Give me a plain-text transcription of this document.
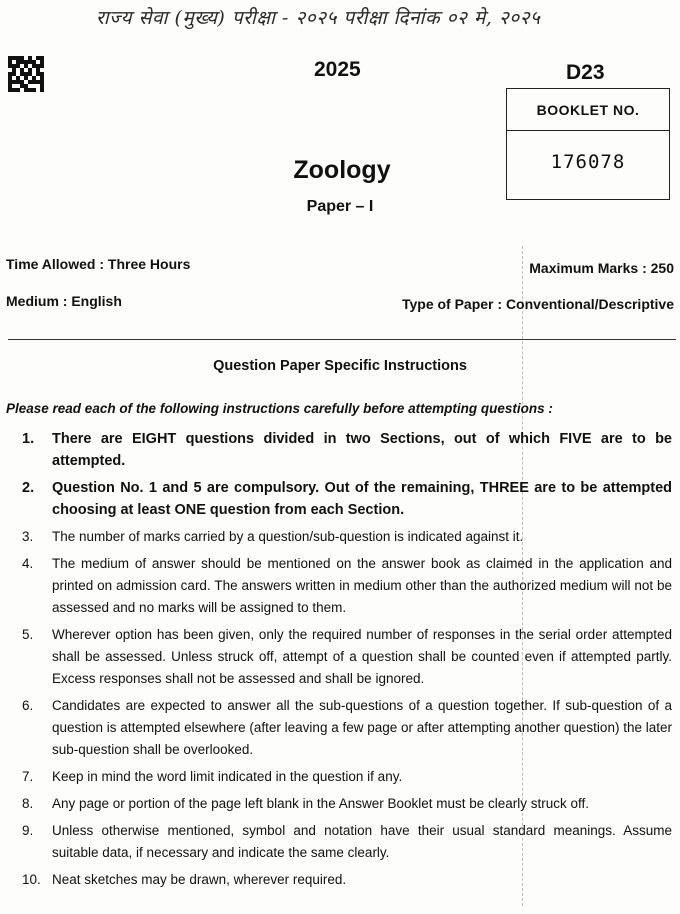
राज्य सेवा (मुख्य) परीक्षा - २०२५ परीक्षा दिनांक ०२ मे, २०२५
2025	D23
BOOKLET NO.
176078
Zoology
Paper – I
Time Allowed : Three Hours	Maximum Marks : 250
Medium : English	Type of Paper : Conventional/Descriptive
Question Paper Specific Instructions
Please read each of the following instructions carefully before attempting questions :
1.	There are EIGHT questions divided in two Sections, out of which FIVE are to be attempted.
2.	Question No. 1 and 5 are compulsory. Out of the remaining, THREE are to be attempted choosing at least ONE question from each Section.
3.	The number of marks carried by a question/sub-question is indicated against it.
4.	The medium of answer should be mentioned on the answer book as claimed in the application and printed on admission card. The answers written in medium other than the authorized medium will not be assessed and no marks will be assigned to them.
5.	Wherever option has been given, only the required number of responses in the serial order attempted shall be assessed. Unless struck off, attempt of a question shall be counted even if attempted partly. Excess responses shall not be assessed and shall be ignored.
6.	Candidates are expected to answer all the sub-questions of a question together. If sub-question of a question is attempted elsewhere (after leaving a few page or after attempting another question) the later sub-question shall be overlooked.
7.	Keep in mind the word limit indicated in the question if any.
8.	Any page or portion of the page left blank in the Answer Booklet must be clearly struck off.
9.	Unless otherwise mentioned, symbol and notation have their usual standard meanings. Assume suitable data, if necessary and indicate the same clearly.
10. Neat sketches may be drawn, wherever required.
